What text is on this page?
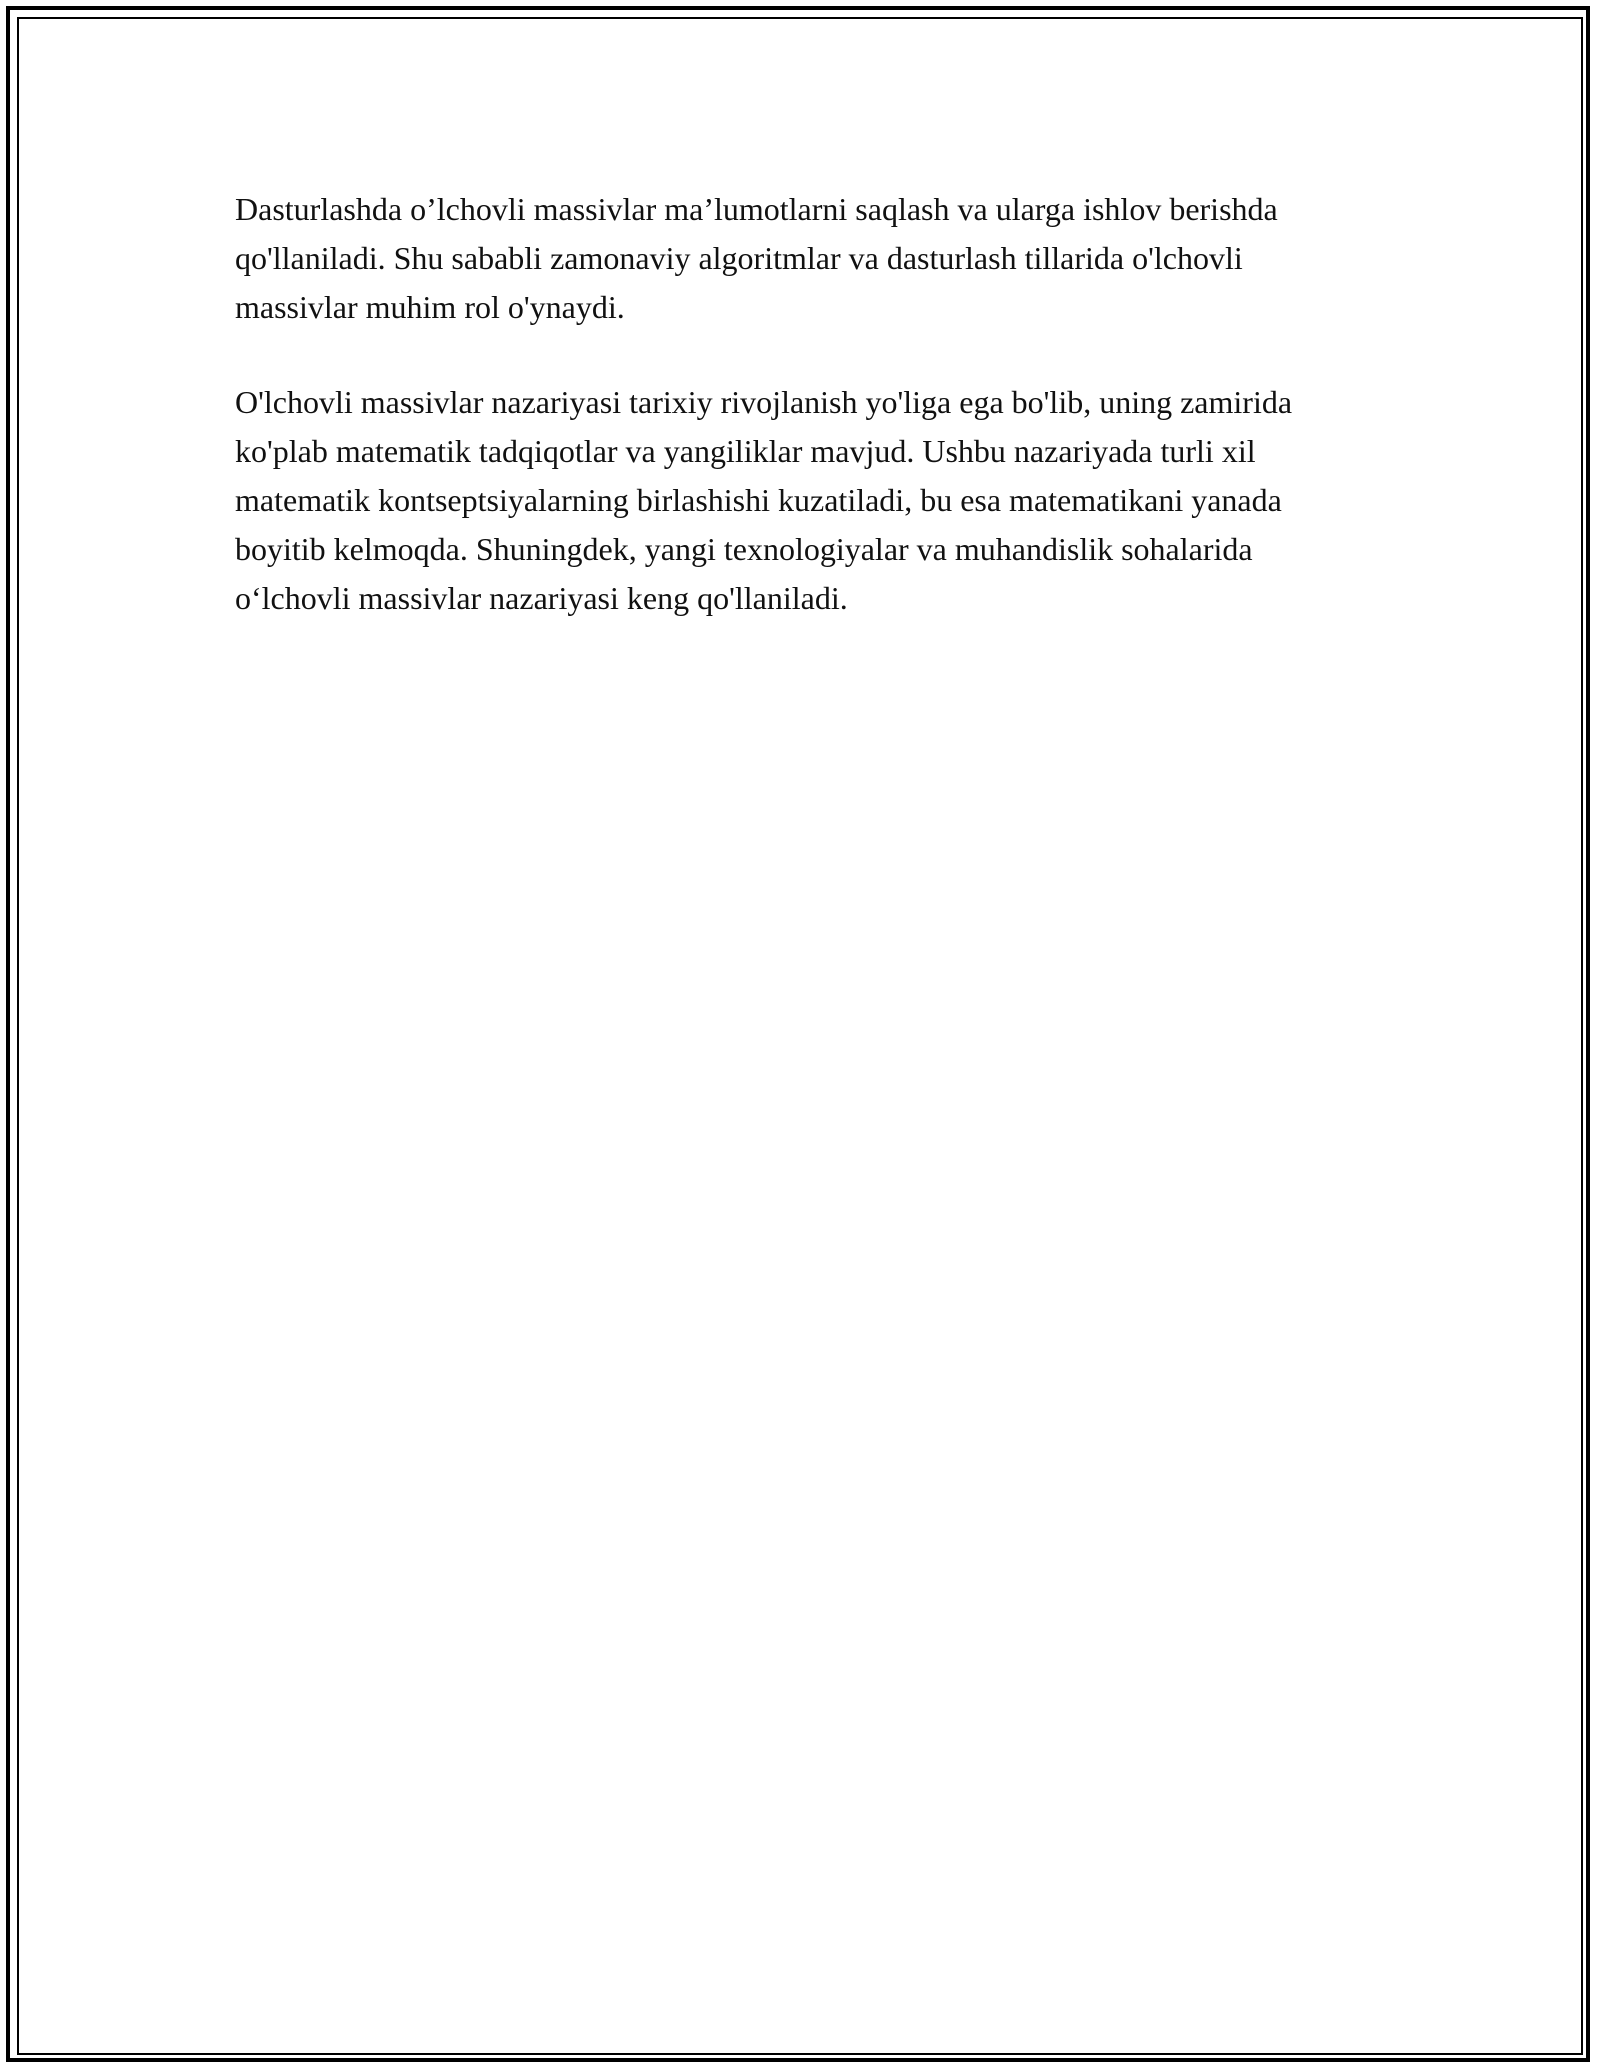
Dasturlashda o’lchovli massivlar ma’lumotlarni saqlash va ularga ishlov berishda qo'llaniladi. Shu sababli zamonaviy algoritmlar va dasturlash tillarida o'lchovli massivlar muhim rol o'ynaydi.

O'lchovli massivlar nazariyasi tarixiy rivojlanish yo'liga ega bo'lib, uning zamirida ko'plab matematik tadqiqotlar va yangiliklar mavjud. Ushbu nazariyada turli xil matematik kontseptsiyalarning birlashishi kuzatiladi, bu esa matematikani yanada boyitib kelmoqda. Shuningdek, yangi texnologiyalar va muhandislik sohalarida o‘lchovli massivlar nazariyasi keng qo'llaniladi.
